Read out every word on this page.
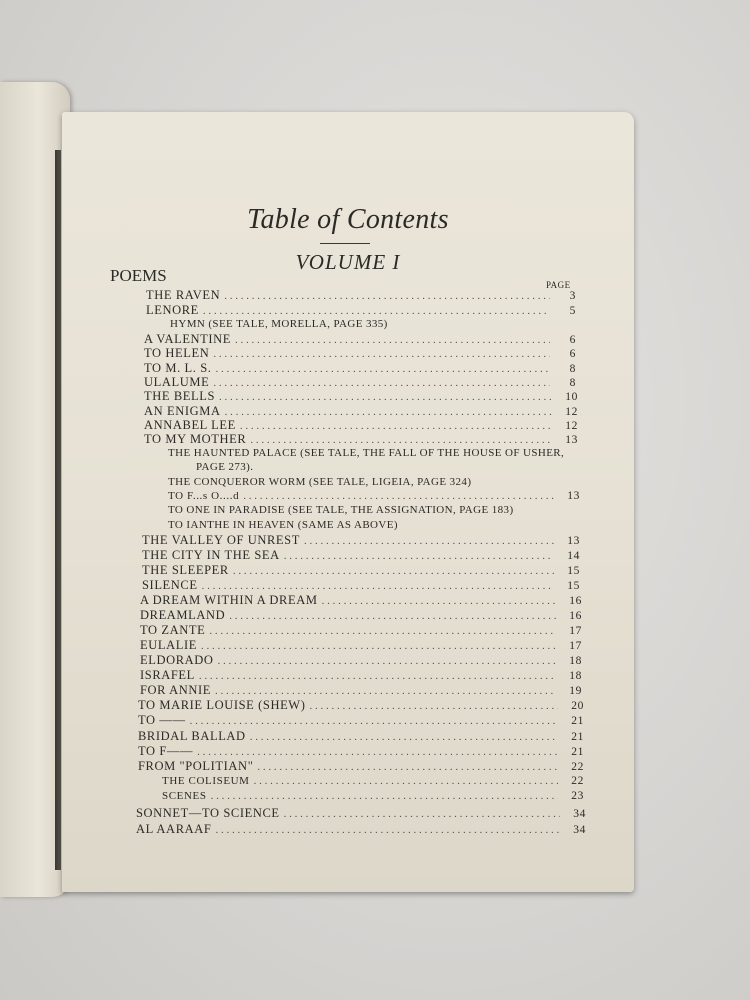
Table of Contents
VOLUME I
POEMS	PAGE
THE RAVEN . . .	3
LENORE . . .	5
HYMN (SEE TALE, MORELLA, PAGE 335)
A VALENTINE . . .	6
TO HELEN . . .	6
TO M. L. S. . . .	8
ULALUME . . .	8
THE BELLS . . .	10
AN ENIGMA . . .	12
ANNABEL LEE . . .	12
TO MY MOTHER . . .	13
THE HAUNTED PALACE (SEE TALE, THE FALL OF THE HOUSE OF USHER,
PAGE 273).
THE CONQUEROR WORM (SEE TALE, LIGEIA, PAGE 324)
TO F...s O....d . . .	13
TO ONE IN PARADISE (SEE TALE, THE ASSIGNATION, PAGE 183)
TO IANTHE IN HEAVEN (SAME AS ABOVE)
THE VALLEY OF UNREST . . .	13
THE CITY IN THE SEA . . .	14
THE SLEEPER . . .	15
SILENCE . . .	15
A DREAM WITHIN A DREAM . . .	16
DREAMLAND . . .	16
TO ZANTE . . .	17
EULALIE . . .	17
ELDORADO . . .	18
ISRAFEL . . .	18
FOR ANNIE . . .	19
TO MARIE LOUISE (SHEW) . . .	20
TO —— . . .	21
BRIDAL BALLAD . . .	21
TO F—— . . .	21
FROM "POLITIAN" . . .	22
THE COLISEUM . . .	22
SCENES . . .	23
SONNET—TO SCIENCE . . .	34
AL AARAAF . . .	34
